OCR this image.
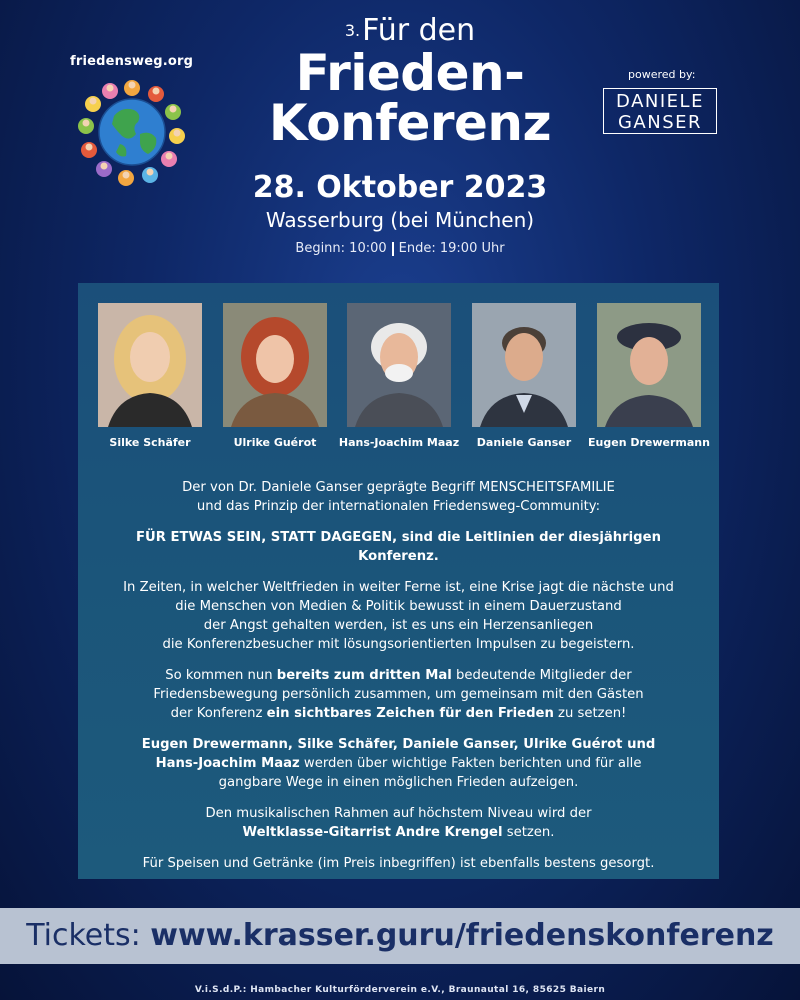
friedensweg.org
$^{3.}$Für den
Frieden-
Konferenz
powered by:
DANIELE
GANSER
28. Oktober 2023
Wasserburg (bei München)
Beginn: 10:00 Ende: 19:00 Uhr
Silke Schäfer	Ulrike Guérot	Hans-Joachim Maaz	Daniele Ganser	Eugen Drewermann

Der von Dr. Daniele Ganser geprägte Begriff MENSCHEITSFAMILIE
und das Prinzip der internationalen Friedensweg-Community:

FÜR ETWAS SEIN, STATT DAGEGEN, sind die Leitlinien der diesjährigen Konferenz.

In Zeiten, in welcher Weltfrieden in weiter Ferne ist, eine Krise jagt die nächste und
die Menschen von Medien & Politik bewusst in einem Dauerzustand
der Angst gehalten werden, ist es uns ein Herzensanliegen
die Konferenzbesucher mit lösungsorientierten Impulsen zu begeistern.

So kommen nun bereits zum dritten Mal bedeutende Mitglieder der
Friedensbewegung persönlich zusammen, um gemeinsam mit den Gästen
der Konferenz ein sichtbares Zeichen für den Frieden zu setzen!

Eugen Drewermann, Silke Schäfer, Daniele Ganser, Ulrike Guérot und
Hans-Joachim Maaz werden über wichtige Fakten berichten und für alle
gangbare Wege in einen möglichen Frieden aufzeigen.

Den musikalischen Rahmen auf höchstem Niveau wird der
Weltklasse-Gitarrist Andre Krengel setzen.

Für Speisen und Getränke (im Preis inbegriffen) ist ebenfalls bestens gesorgt.

Tickets: www.krasser.guru/friedenskonferenz
V.i.S.d.P.: Hambacher Kulturförderverein e.V., Braunautal 16, 85625 Baiern
